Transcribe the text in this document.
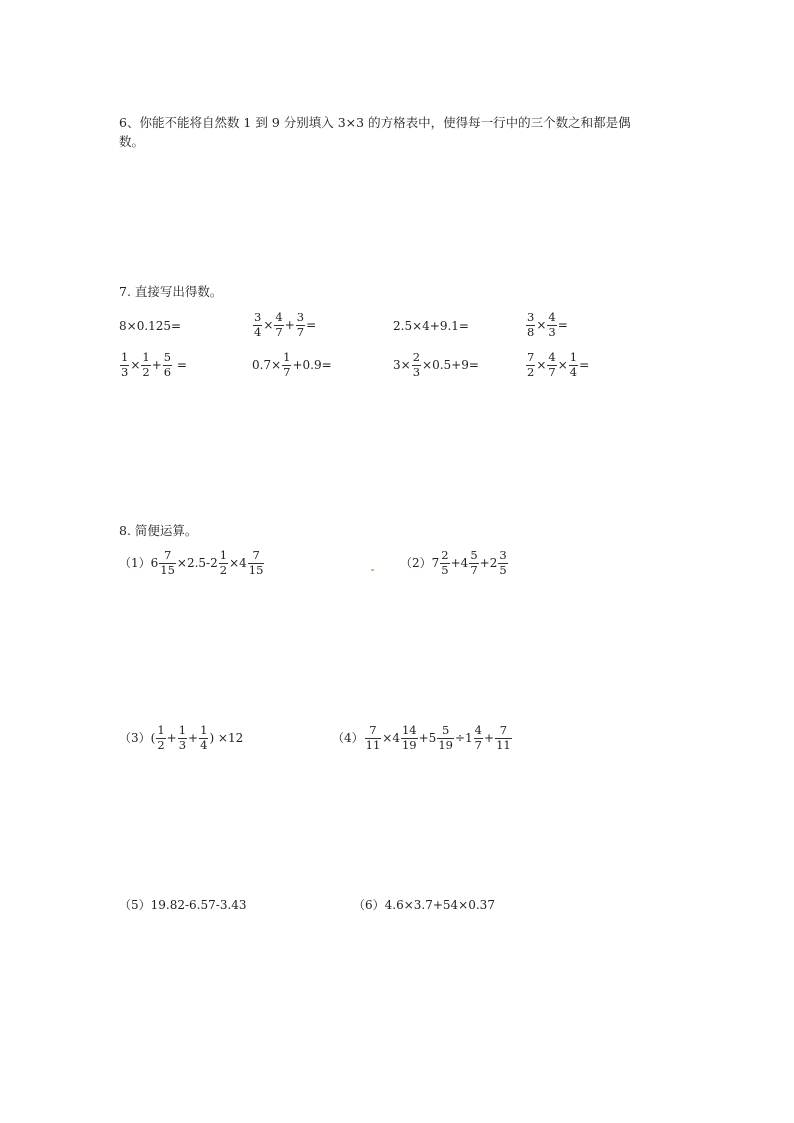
6、你能不能将自然数 1 到 9 分别填入 3×3 的方格表中，使得每一行中的三个数之和都是偶
数。
7. 直接写出得数。
8×0.125=	$\frac{3}{4} \times \frac{4}{7} + \frac{3}{7}$ =	2.5×4+9.1=	$\frac{3}{8} \times \frac{4}{3}$ =
$\frac{1}{3} \times \frac{1}{2} + \frac{5}{6}$ =	$0.7\times \frac{1}{7} +0.9=$	$3\times \frac{2}{3} \times 0.5+9=$	$\frac{7}{2} \times \frac{4}{7} \times \frac{1}{4}$ =
8. 简便运算。
$(1)6 \frac{7}{15} \times 2.5-2 \frac{1}{2} \times 4 \frac{7}{15}$	$(2)7 \frac{2}{5} +4 \frac{5}{7} +2 \frac{3}{5}$
$(3)( \frac{1}{2} + \frac{1}{3} + \frac{1}{4}$ ) ×12	$(4) \frac{7}{11} \times 4 \frac{14}{19} +5 \frac{5}{19} \div 1 \frac{4}{7} + \frac{7}{11}$
（5）19.82-6.57-3.43	（6）4.6×3.7+54×0.37
